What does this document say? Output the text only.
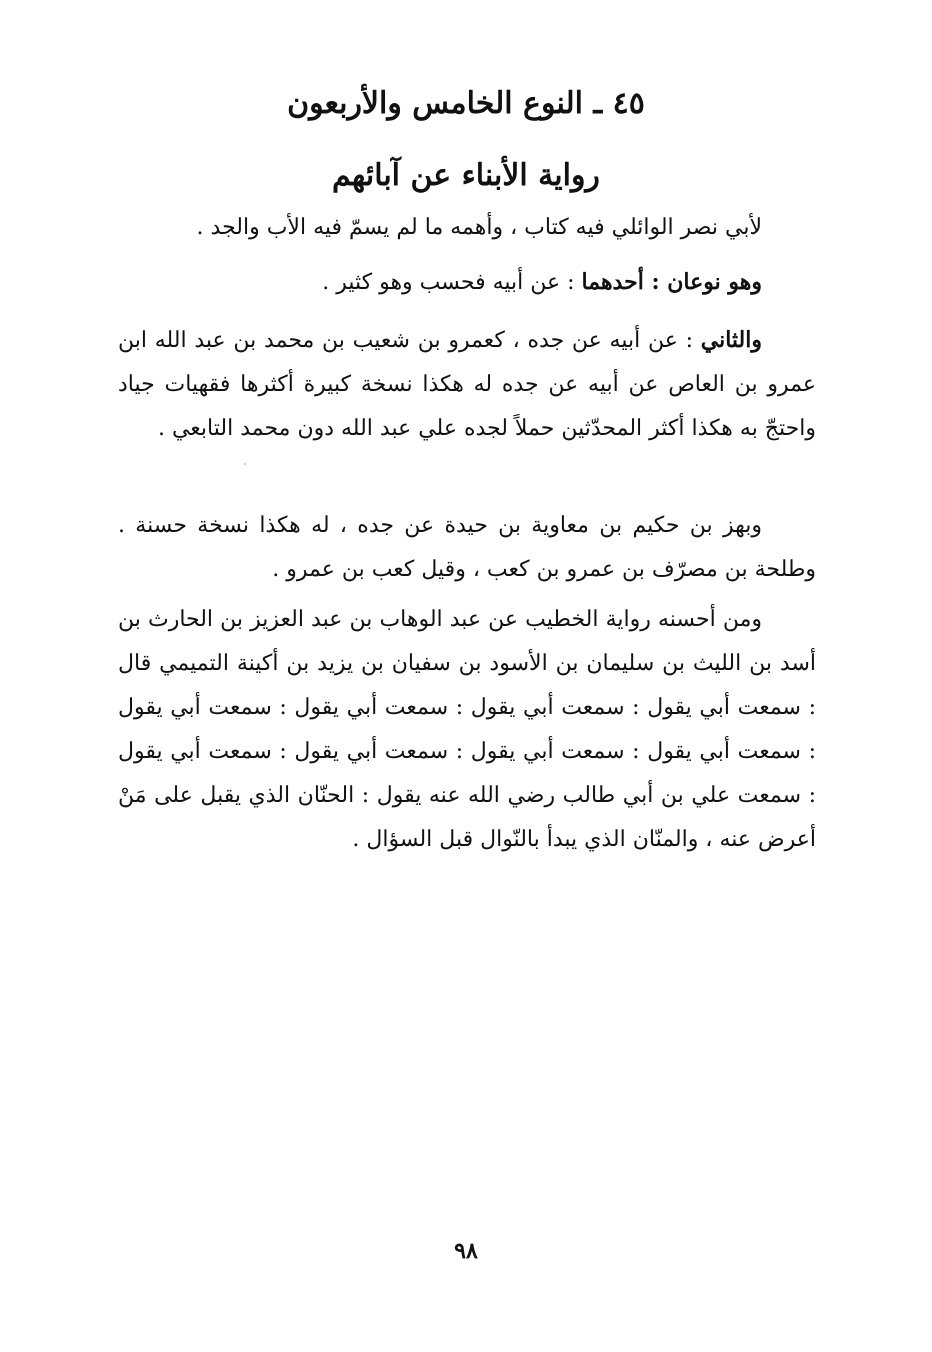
٤٥ ـ النوع الخامس والأربعون
رواية الأبناء عن آبائهم

لأبي نصر الوائلي فيه كتاب ، وأهمه ما لم يسمّ فيه الأب والجد .

وهو نوعان : أحدهما : عن أبيه فحسب وهو كثير .

والثاني : عن أبيه عن جده ، كعمرو بن شعيب بن محمد بن عبد الله ابن عمرو بن العاص عن أبيه عن جده له هكذا نسخة كبيرة أكثرها فقهيات جياد واحتجّ به هكذا أكثر المحدّثين حملاً لجده علي عبد الله دون محمد التابعي .

وبهز بن حكيم بن معاوية بن حيدة عن جده ، له هكذا نسخة حسنة . وطلحة بن مصرّف بن عمرو بن كعب ، وقيل كعب بن عمرو .

ومن أحسنه رواية الخطيب عن عبد الوهاب بن عبد العزيز بن الحارث بن أسد بن الليث بن سليمان بن الأسود بن سفيان بن يزيد بن أكينة التميمي قال : سمعت أبي يقول : سمعت أبي يقول : سمعت أبي يقول : سمعت أبي يقول : سمعت أبي يقول : سمعت أبي يقول : سمعت أبي يقول : سمعت أبي يقول : سمعت علي بن أبي طالب رضي الله عنه يقول : الحنّان الذي يقبل على مَنْ أعرض عنه ، والمنّان الذي يبدأ بالنّوال قبل السؤال .

٩٨
